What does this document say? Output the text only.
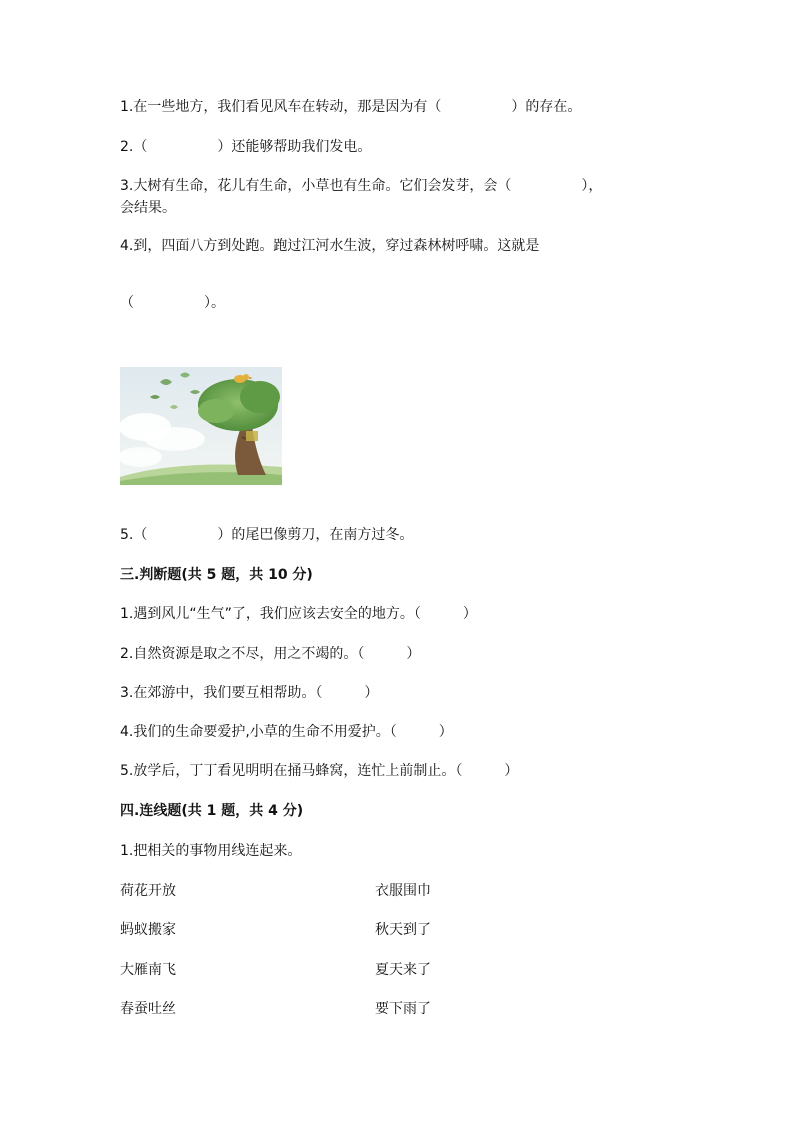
1.在一些地方，我们看见风车在转动，那是因为有（　　　　　）的存在。
2.（　　　　　）还能够帮助我们发电。
3.大树有生命，花儿有生命，小草也有生命。它们会发芽，会（　　　　　），
会结果。
4.到，四面八方到处跑。跑过江河水生波，穿过森林树呼啸。这就是
（　　　　　）。
5.（　　　　　）的尾巴像剪刀，在南方过冬。
三.判断题(共 5 题，共 10 分)
1.遇到风儿“生气”了，我们应该去安全的地方。（　　　）
2.自然资源是取之不尽，用之不竭的。（　　　）
3.在郊游中，我们要互相帮助。（　　　）
4.我们的生命要爱护,小草的生命不用爱护。（　　　）
5.放学后，丁丁看见明明在捅马蜂窝，连忙上前制止。（　　　）
四.连线题(共 1 题，共 4 分)
1.把相关的事物用线连起来。
荷花开放	衣服围巾
蚂蚁搬家	秋天到了
大雁南飞	夏天来了
春蚕吐丝	要下雨了
